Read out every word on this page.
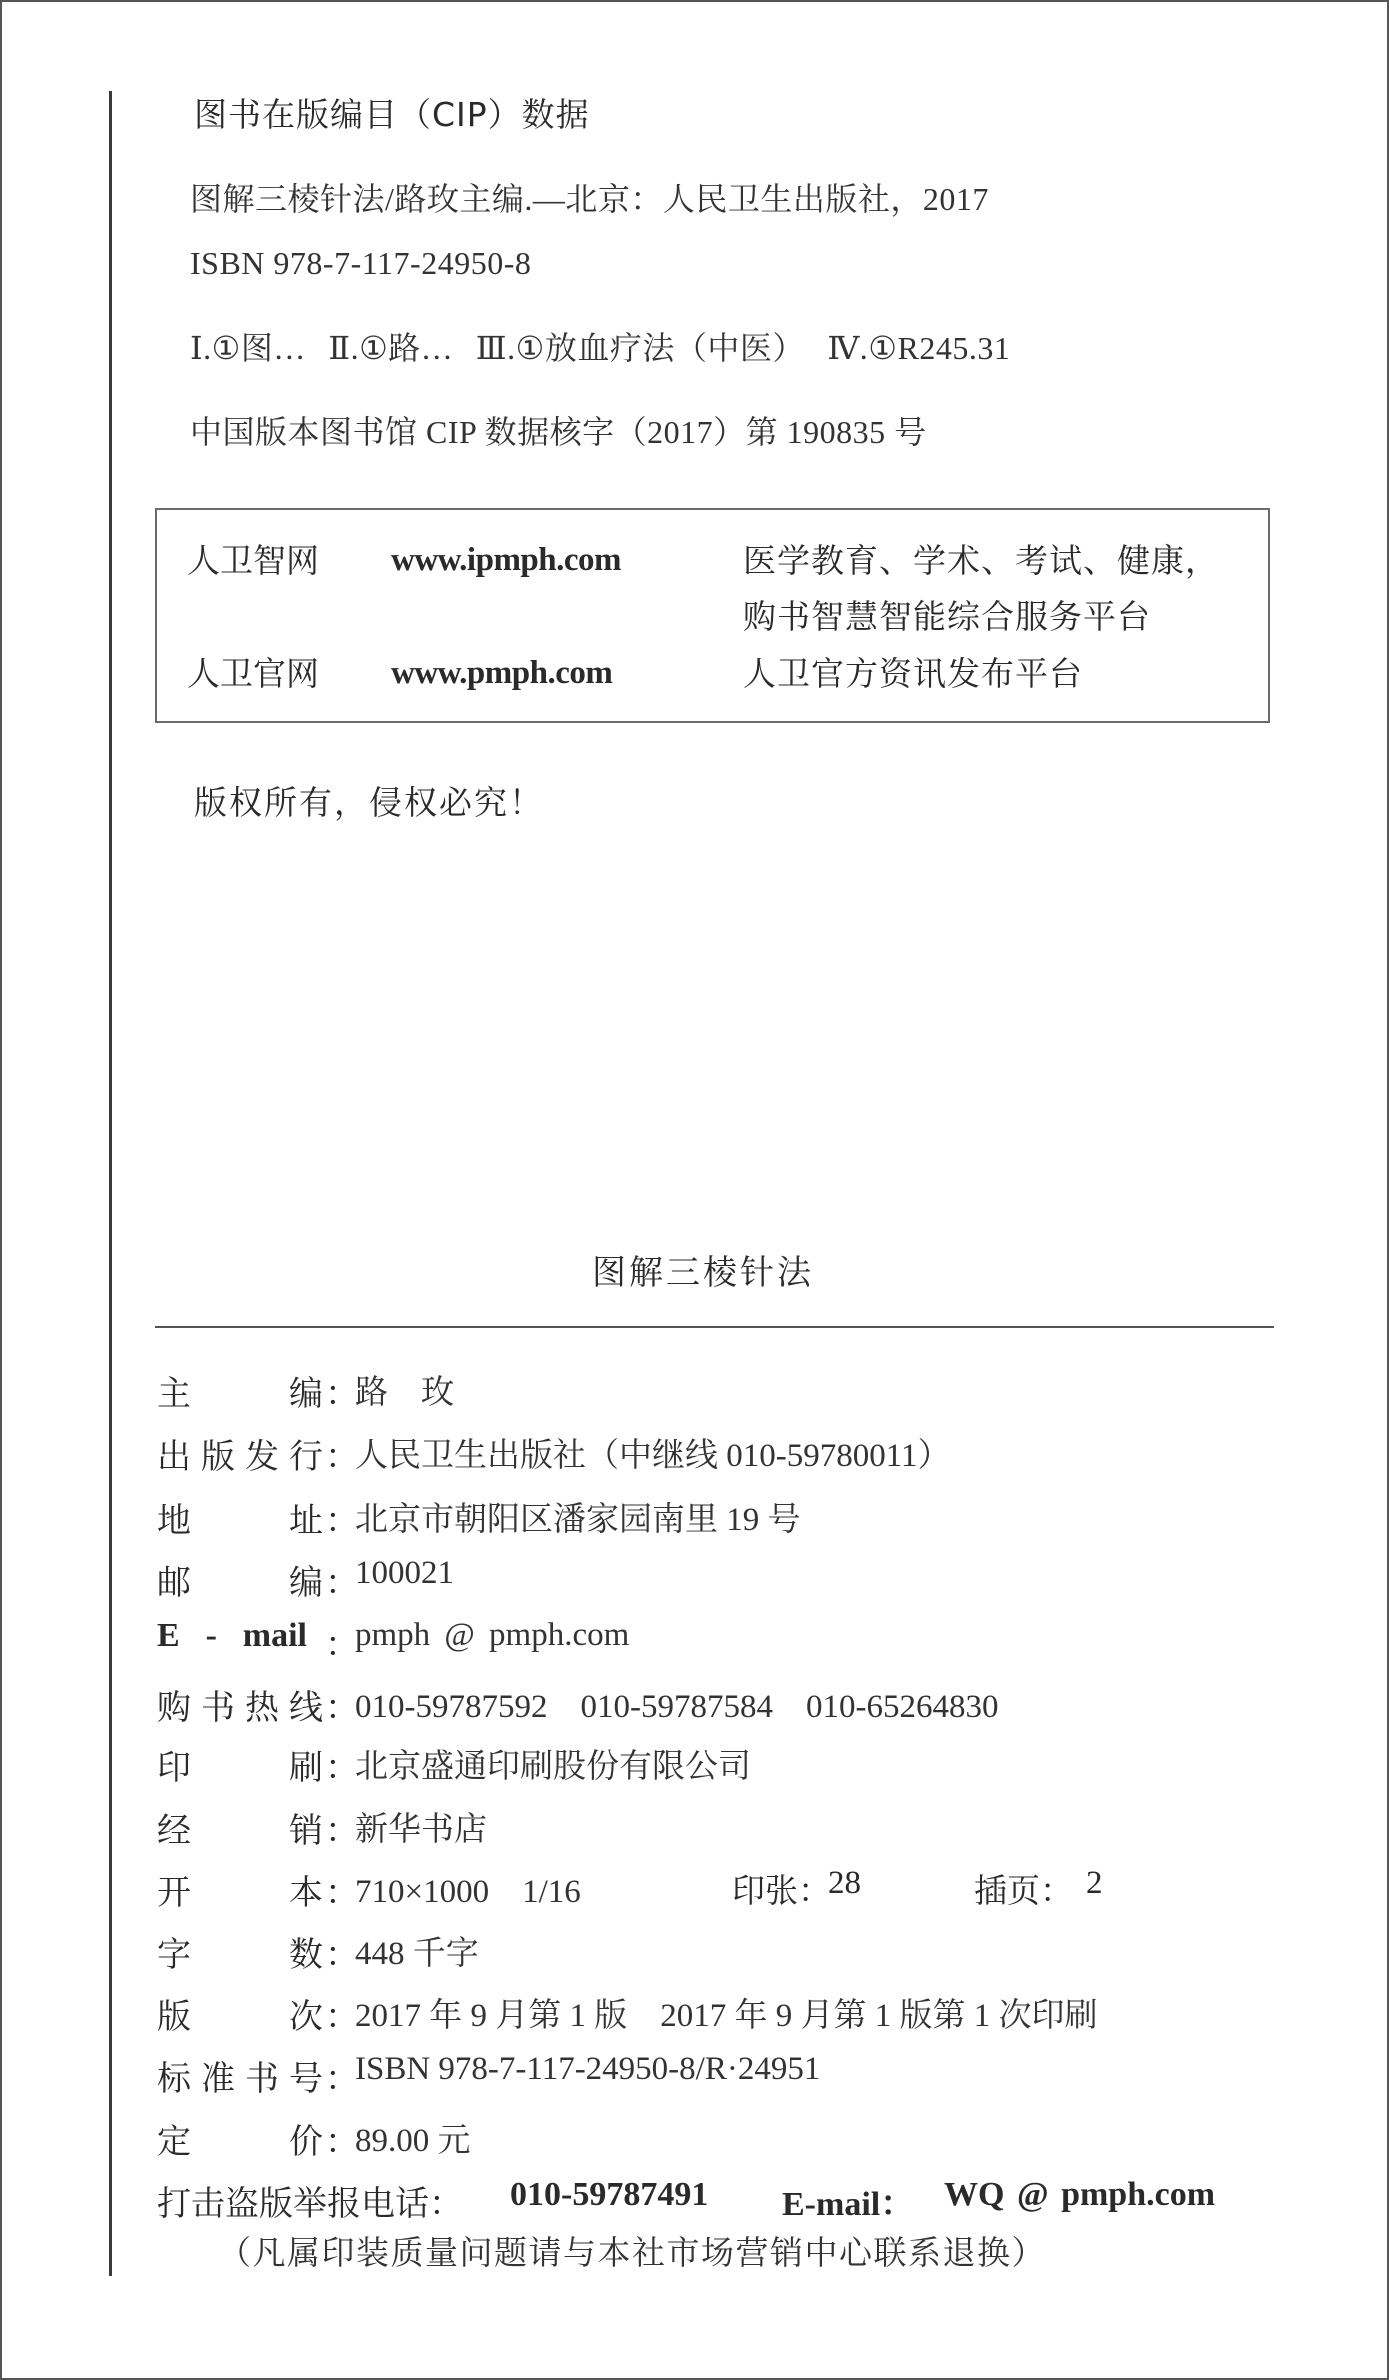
图书在版编目（CIP）数据
图解三棱针法/路玫主编.—北京：人民卫生出版社，2017
ISBN 978-7-117-24950-8
Ⅰ.①图… Ⅱ.①路… Ⅲ.①放血疗法（中医） Ⅳ.①R245.31
中国版本图书馆 CIP 数据核字（2017）第 190835 号
人卫智网 www.ipmph.com	医学教育、学术、考试、健康，
购书智慧智能综合服务平台
人卫官网 www.pmph.com	人卫官方资讯发布平台
版权所有，侵权必究！
图解三棱针法
主	编 ：
路　玫
出 版 发 行 ：
人民卫生出版社（中继线 010-59780011）
地	址 ：
北京市朝阳区潘家园南里 19 号
邮	编 ：
100021
E - mail ：
pmph @ pmph.com
购 书 热 线 ：
010-59787592　010-59787584　010-65264830
印	刷 ：
北京盛通印刷股份有限公司
经	销 ：
新华书店
开	本 ：
710×1000　1/16	印张：
28	插页： 2
字	数 ：
448 千字
版	次 ：
2017 年 9 月第 1 版　2017 年 9 月第 1 版第 1 次印刷
标 准 书 号 ：
ISBN 978-7-117-24950-8/R·24951
定	价 ：
89.00 元
打击盗版举报电话： 010-59787491 E-mail： WQ @ pmph.com
（凡属印装质量问题请与本社市场营销中心联系退换）
